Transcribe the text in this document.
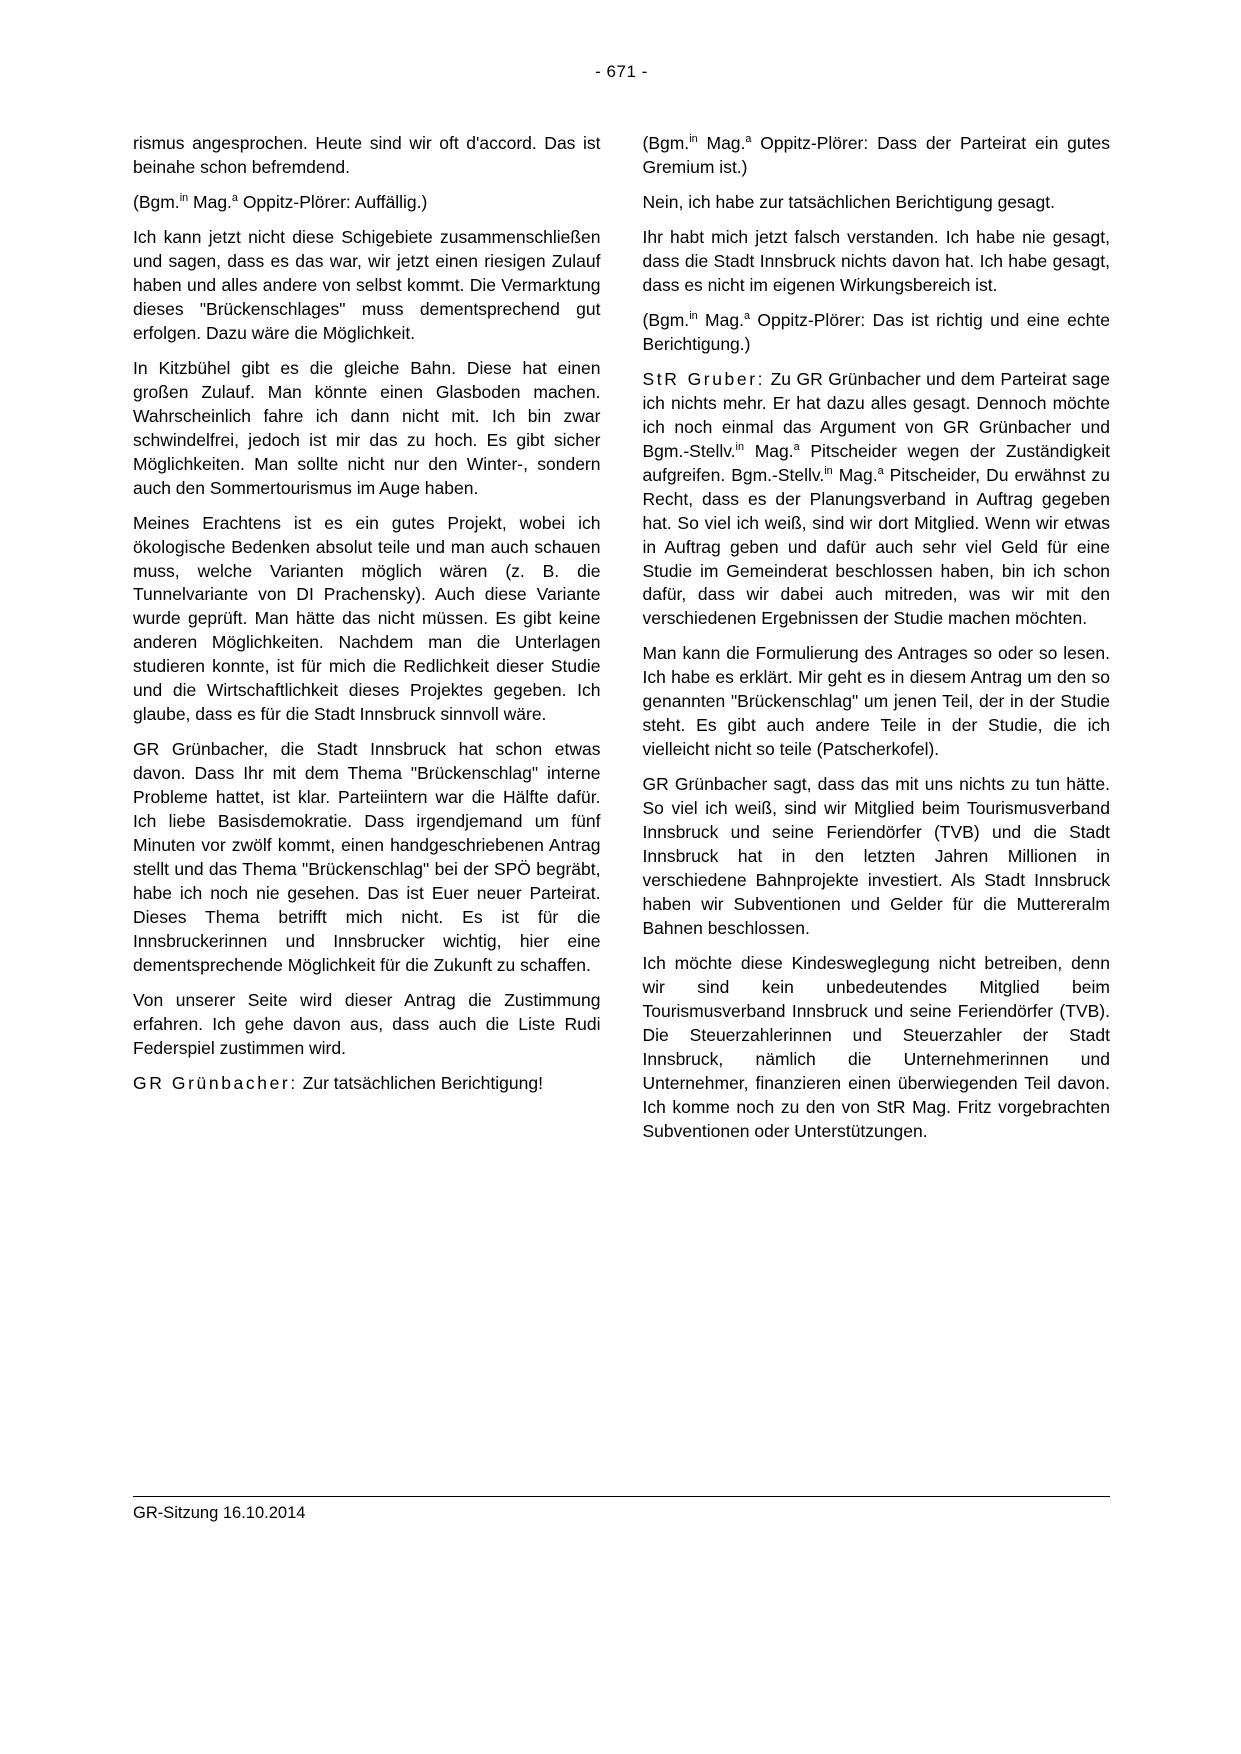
- 671 -

rismus angesprochen. Heute sind wir oft d'accord. Das ist beinahe schon befremdend.

(Bgm.$^{in}$ Mag.$^a$ Oppitz-Plörer: Auffällig.)

Ich kann jetzt nicht diese Schigebiete zusammenschließen und sagen, dass es das war, wir jetzt einen riesigen Zulauf haben und alles andere von selbst kommt. Die Vermarktung dieses "Brückenschlages" muss dementsprechend gut erfolgen. Dazu wäre die Möglichkeit.

In Kitzbühel gibt es die gleiche Bahn. Diese hat einen großen Zulauf. Man könnte einen Glasboden machen. Wahrscheinlich fahre ich dann nicht mit. Ich bin zwar schwindelfrei, jedoch ist mir das zu hoch. Es gibt sicher Möglichkeiten. Man sollte nicht nur den Winter-, sondern auch den Sommertourismus im Auge haben.

Meines Erachtens ist es ein gutes Projekt, wobei ich ökologische Bedenken absolut teile und man auch schauen muss, welche Varianten möglich wären (z. B. die Tunnelvariante von DI Prachensky). Auch diese Variante wurde geprüft. Man hätte das nicht müssen. Es gibt keine anderen Möglichkeiten. Nachdem man die Unterlagen studieren konnte, ist für mich die Redlichkeit dieser Studie und die Wirtschaftlichkeit dieses Projektes gegeben. Ich glaube, dass es für die Stadt Innsbruck sinnvoll wäre.

GR Grünbacher, die Stadt Innsbruck hat schon etwas davon. Dass Ihr mit dem Thema "Brückenschlag" interne Probleme hattet, ist klar. Parteiintern war die Hälfte dafür. Ich liebe Basisdemokratie. Dass irgendjemand um fünf Minuten vor zwölf kommt, einen handgeschriebenen Antrag stellt und das Thema "Brückenschlag" bei der SPÖ begräbt, habe ich noch nie gesehen. Das ist Euer neuer Parteirat. Dieses Thema betrifft mich nicht. Es ist für die Innsbruckerinnen und Innsbrucker wichtig, hier eine dementsprechende Möglichkeit für die Zukunft zu schaffen.

Von unserer Seite wird dieser Antrag die Zustimmung erfahren. Ich gehe davon aus, dass auch die Liste Rudi Federspiel zustimmen wird.

GR Grünbacher: Zur tatsächlichen Berichtigung!

(Bgm.$^{in}$ Mag.$^a$ Oppitz-Plörer: Dass der Parteirat ein gutes Gremium ist.)

Nein, ich habe zur tatsächlichen Berichtigung gesagt.

Ihr habt mich jetzt falsch verstanden. Ich habe nie gesagt, dass die Stadt Innsbruck nichts davon hat. Ich habe gesagt, dass es nicht im eigenen Wirkungsbereich ist.

(Bgm.$^{in}$ Mag.$^a$ Oppitz-Plörer: Das ist richtig und eine echte Berichtigung.)

StR Gruber: Zu GR Grünbacher und dem Parteirat sage ich nichts mehr. Er hat dazu alles gesagt. Dennoch möchte ich noch einmal das Argument von GR Grünbacher und Bgm.-Stellv.$^{in}$ Mag.$^a$ Pitscheider wegen der Zuständigkeit aufgreifen. Bgm.-Stellv.$^{in}$ Mag.$^a$ Pitscheider, Du erwähnst zu Recht, dass es der Planungsverband in Auftrag gegeben hat. So viel ich weiß, sind wir dort Mitglied. Wenn wir etwas in Auftrag geben und dafür auch sehr viel Geld für eine Studie im Gemeinderat beschlossen haben, bin ich schon dafür, dass wir dabei auch mitreden, was wir mit den verschiedenen Ergebnissen der Studie machen möchten.

Man kann die Formulierung des Antrages so oder so lesen. Ich habe es erklärt. Mir geht es in diesem Antrag um den so genannten "Brückenschlag" um jenen Teil, der in der Studie steht. Es gibt auch andere Teile in der Studie, die ich vielleicht nicht so teile (Patscherkofel).

GR Grünbacher sagt, dass das mit uns nichts zu tun hätte. So viel ich weiß, sind wir Mitglied beim Tourismusverband Innsbruck und seine Feriendörfer (TVB) und die Stadt Innsbruck hat in den letzten Jahren Millionen in verschiedene Bahnprojekte investiert. Als Stadt Innsbruck haben wir Subventionen und Gelder für die Muttereralm Bahnen beschlossen.

Ich möchte diese Kindesweglegung nicht betreiben, denn wir sind kein unbedeutendes Mitglied beim Tourismusverband Innsbruck und seine Feriendörfer (TVB). Die Steuerzahlerinnen und Steuerzahler der Stadt Innsbruck, nämlich die Unternehmerinnen und Unternehmer, finanzieren einen überwiegenden Teil davon. Ich komme noch zu den von StR Mag. Fritz vorgebrachten Subventionen oder Unterstützungen.

GR-Sitzung 16.10.2014
